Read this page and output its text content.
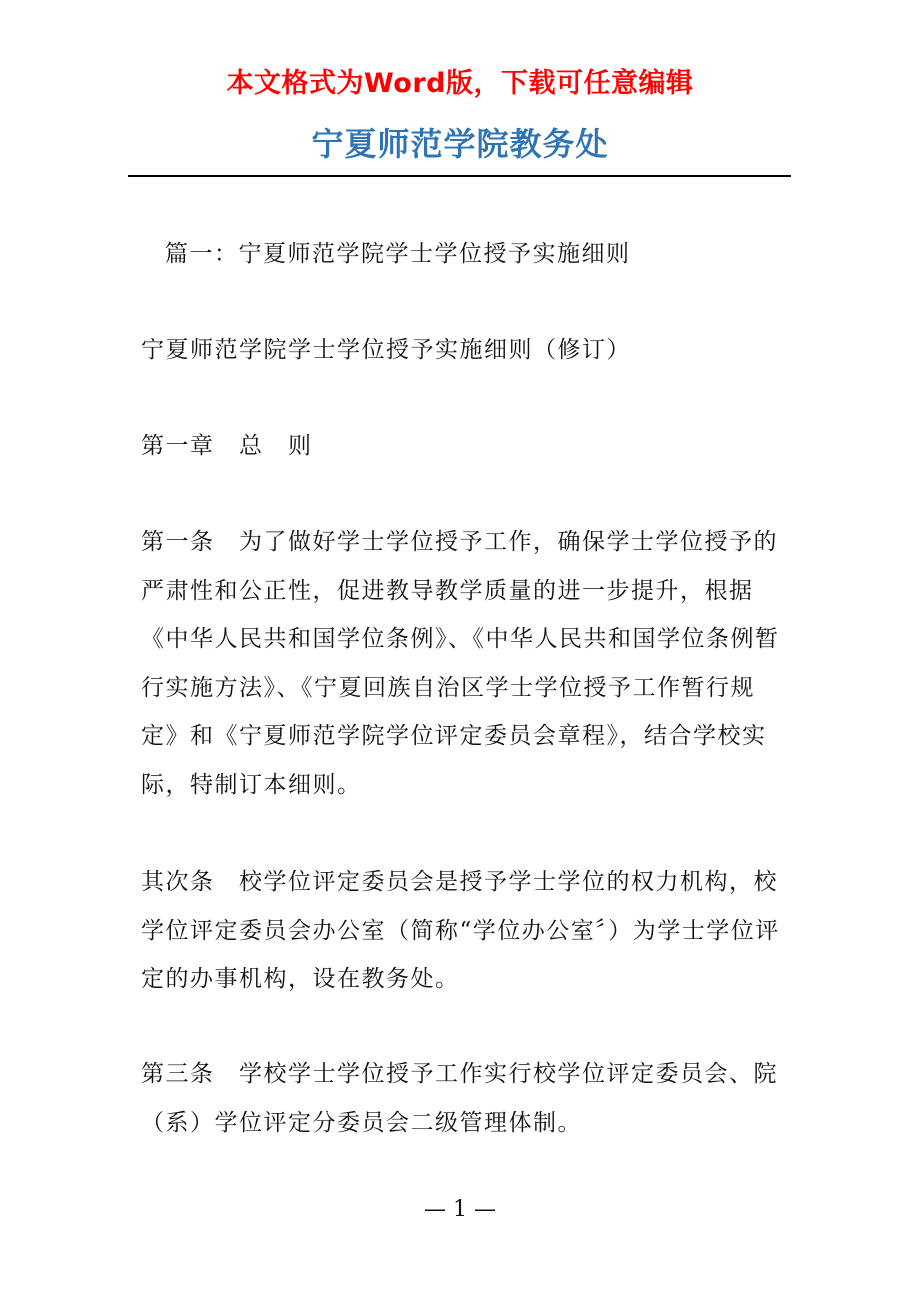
本文格式为Word版，下载可任意编辑
宁夏师范学院教务处

篇一：宁夏师范学院学士学位授予实施细则

宁夏师范学院学士学位授予实施细则（修订）

第一章　总　则

第一条　为了做好学士学位授予工作，确保学士学位授予的严肃性和公正性，促进教导教学质量的进一步提升，根据《中华人民共和国学位条例》、《中华人民共和国学位条例暂行实施方法》、《宁夏回族自治区学士学位授予工作暂行规定》和《宁夏师范学院学位评定委员会章程》，结合学校实际，特制订本细则。

其次条　校学位评定委员会是授予学士学位的权力机构，校学位评定委员会办公室（简称“学位办公室〞）为学士学位评定的办事机构，设在教务处。

第三条　学校学士学位授予工作实行校学位评定委员会、院（系）学位评定分委员会二级管理体制。

— 1 —
